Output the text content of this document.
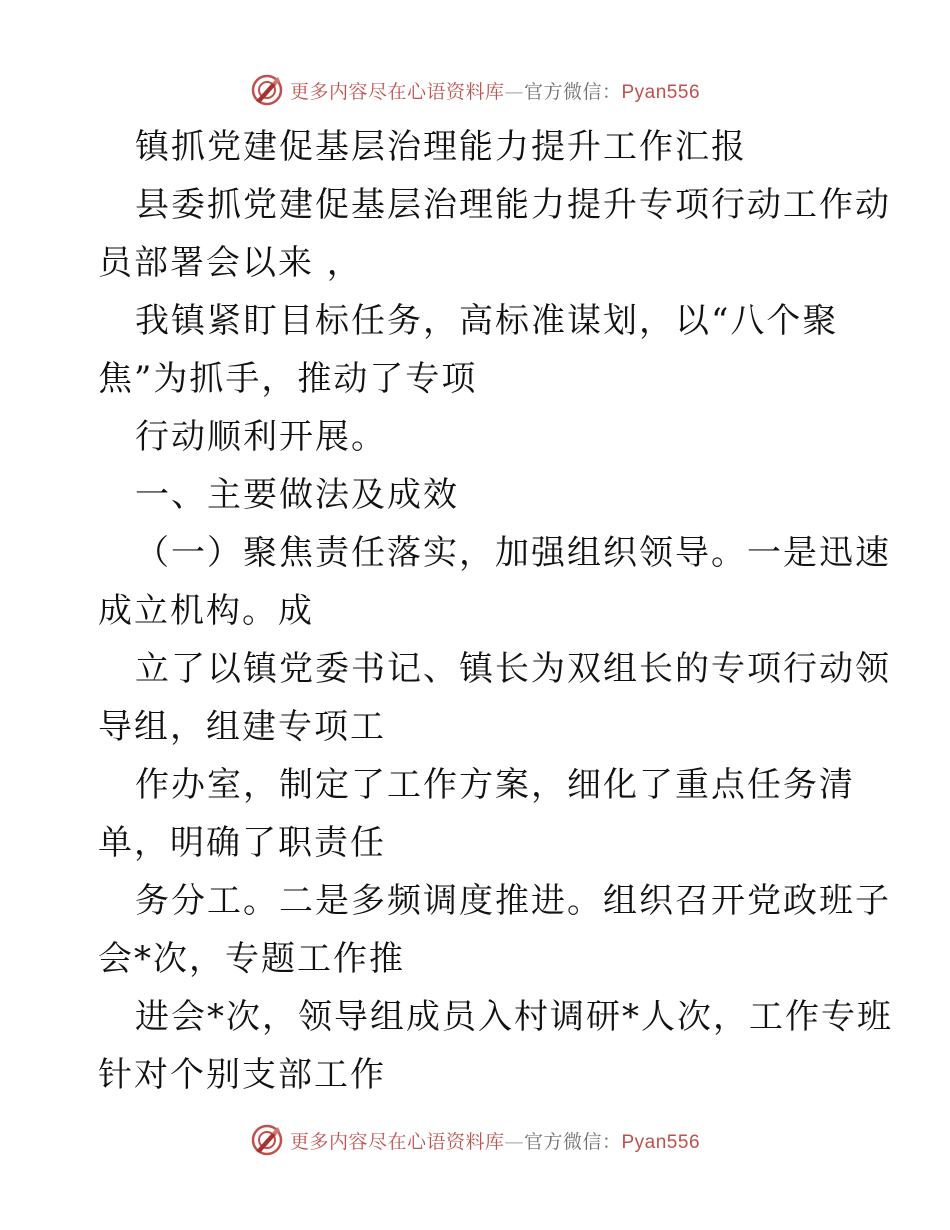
更多内容尽在心语资料库—官方微信：Pyan556
镇抓党建促基层治理能力提升工作汇报
县委抓党建促基层治理能力提升专项行动工作动
员部署会以来 ，
我镇紧盯目标任务，高标准谋划，以“八个聚
焦”为抓手，推动了专项
行动顺利开展。
一、主要做法及成效
（一）聚焦责任落实，加强组织领导。一是迅速
成立机构。成
立了以镇党委书记、镇长为双组长的专项行动领
导组，组建专项工
作办室，制定了工作方案，细化了重点任务清
单，明确了职责任
务分工。二是多频调度推进。组织召开党政班子
会*次，专题工作推
进会*次，领导组成员入村调研*人次，工作专班
针对个别支部工作
更多内容尽在心语资料库—官方微信：Pyan556
